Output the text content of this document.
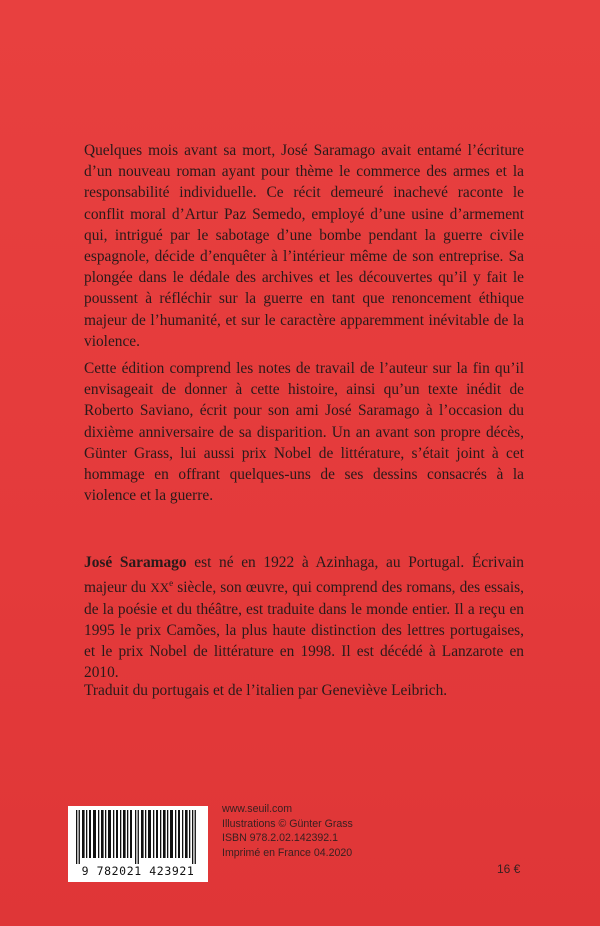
Quelques mois avant sa mort, José Saramago avait entamé l’écriture d’un nouveau roman ayant pour thème le commerce des armes et la responsabilité individuelle. Ce récit demeuré inachevé raconte le conflit moral d’Artur Paz Semedo, employé d’une usine d’armement qui, intrigué par le sabotage d’une bombe pendant la guerre civile espagnole, décide d’enquêter à l’intérieur même de son entreprise. Sa plongée dans le dédale des archives et les découvertes qu’il y fait le poussent à réfléchir sur la guerre en tant que renoncement éthique majeur de l’humanité, et sur le caractère apparemment inévitable de la violence.

Cette édition comprend les notes de travail de l’auteur sur la fin qu’il envisageait de donner à cette histoire, ainsi qu’un texte inédit de Roberto Saviano, écrit pour son ami José Saramago à l’occasion du dixième anniversaire de sa disparition. Un an avant son propre décès, Günter Grass, lui aussi prix Nobel de littérature, s’était joint à cet hommage en offrant quelques-uns de ses dessins consacrés à la violence et la guerre.

José Saramago est né en 1922 à Azinhaga, au Portugal. Écrivain majeur du XXe siècle, son œuvre, qui comprend des romans, des essais, de la poésie et du théâtre, est traduite dans le monde entier. Il a reçu en 1995 le prix Camões, la plus haute distinction des lettres portugaises, et le prix Nobel de littérature en 1998. Il est décédé à Lanzarote en 2010.

Traduit du portugais et de l’italien par Geneviève Leibrich.

9 782021 423921
www.seuil.com
Illustrations © Günter Grass
ISBN 978.2.02.142392.1
Imprimé en France 04.2020
16 €
